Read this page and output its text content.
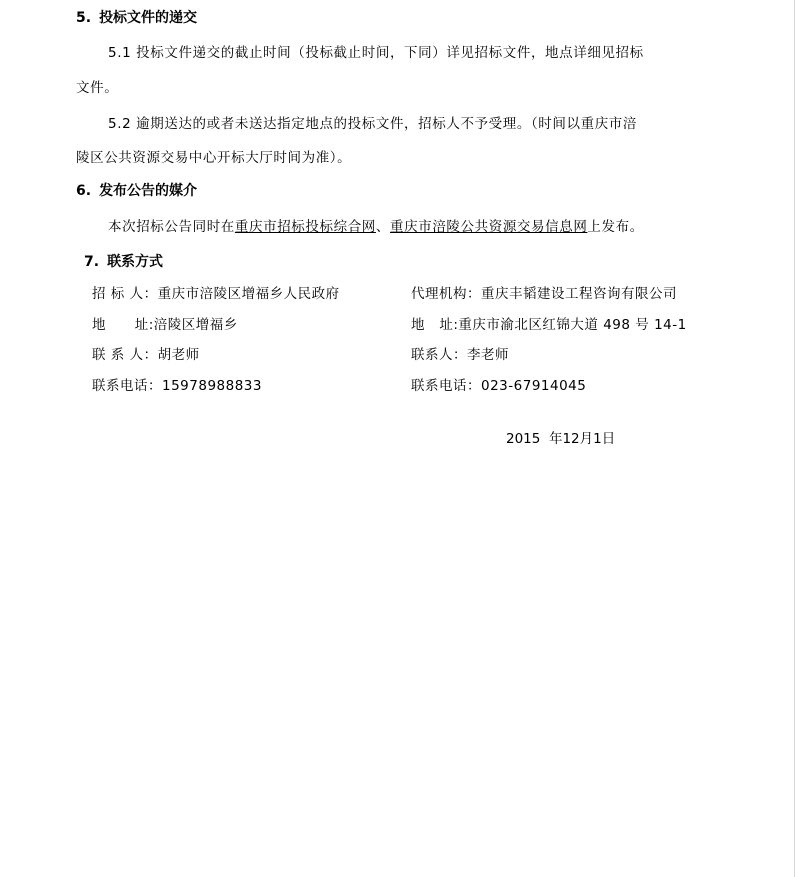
5. 投标文件的递交
5.1 投标文件递交的截止时间（投标截止时间，下同）详见招标文件，地点详细见招标
文件。
5.2 逾期送达的或者未送达指定地点的投标文件，招标人不予受理。（时间以重庆市涪
陵区公共资源交易中心开标大厅时间为准）。
6. 发布公告的媒介
本次招标公告同时在重庆市招标投标综合网、重庆市涪陵公共资源交易信息网上发布。
7. 联系方式
招 标 人：重庆市涪陵区增福乡人民政府	代理机构：重庆丰韬建设工程咨询有限公司
地      址:涪陵区增福乡	地   址:重庆市渝北区红锦大道 498 号 14-1
联 系 人：胡老师	联系人：李老师
联系电话：15978988833	联系电话：023-67914045
2015  年12月1日
